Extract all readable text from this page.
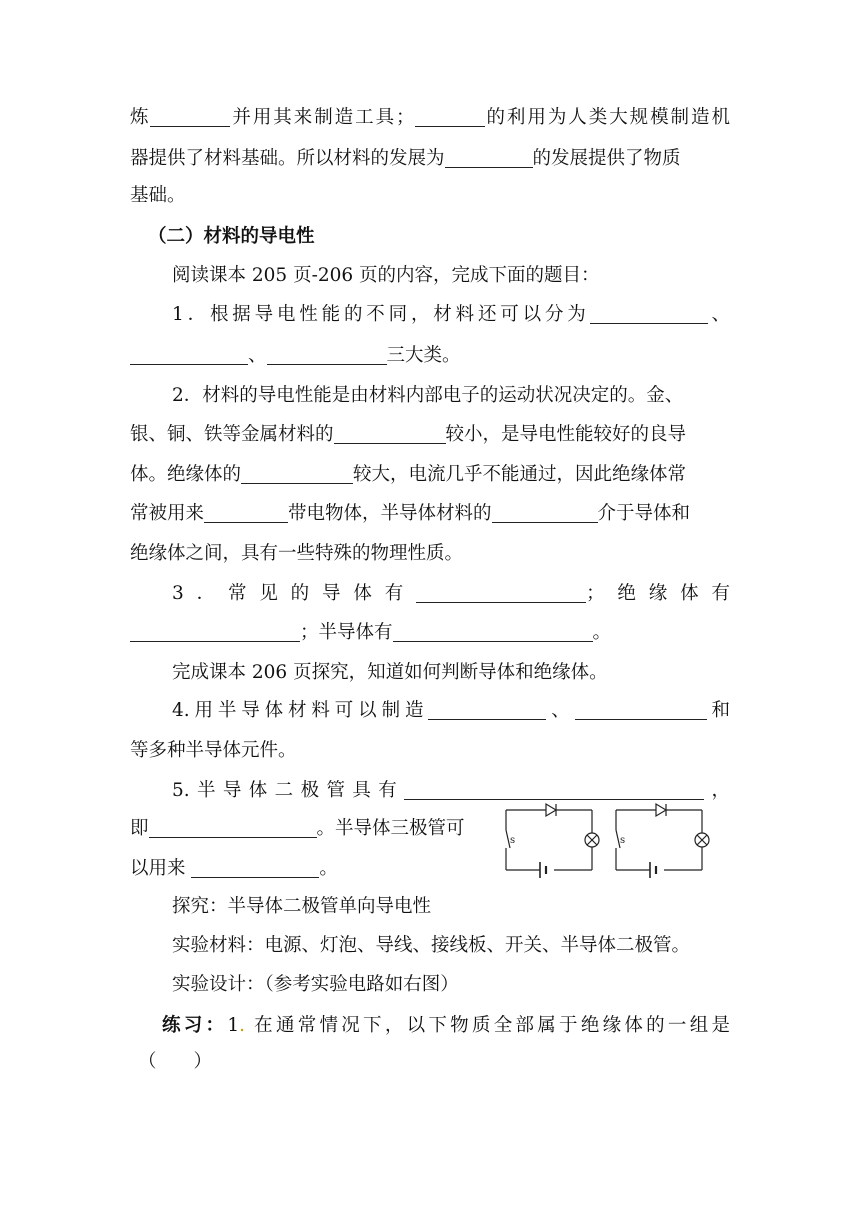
炼	并用其来制造工具；	的利用为人类大规模制造机
器提供了材料基础。所以材料的发展为	的发展提供了物质
基础。
（二）材料的导电性
阅读课本 205 页-206 页的内容，完成下面的题目：
1．根据导电性能的不同，材料还可以分为	、
、	三大类。
2．材料的导电性能是由材料内部电子的运动状况决定的。金、
银、铜、铁等金属材料的	较小，是导电性能较好的良导
体。绝缘体的	较大，电流几乎不能通过，因此绝缘体常
常被用来	带电物体，半导体材料的	介于导体和
绝缘体之间，具有一些特殊的物理性质。
3．常见的导体有	；绝缘体有
；半导体有	。
完成课本 206 页探究，知道如何判断导体和绝缘体。
4.用半导体材料可以制造	、	和
等多种半导体元件。
5.半导体二极管具有	，
即	。半导体三极管可
以用来	。
s	s
探究：半导体二极管单向导电性
实验材料：电源、灯泡、导线、接线板、开关、半导体二极管。
实验设计：（参考实验电路如右图）
练习：1. 在通常情况下，以下物质全部属于绝缘体的一组是
（　　）
